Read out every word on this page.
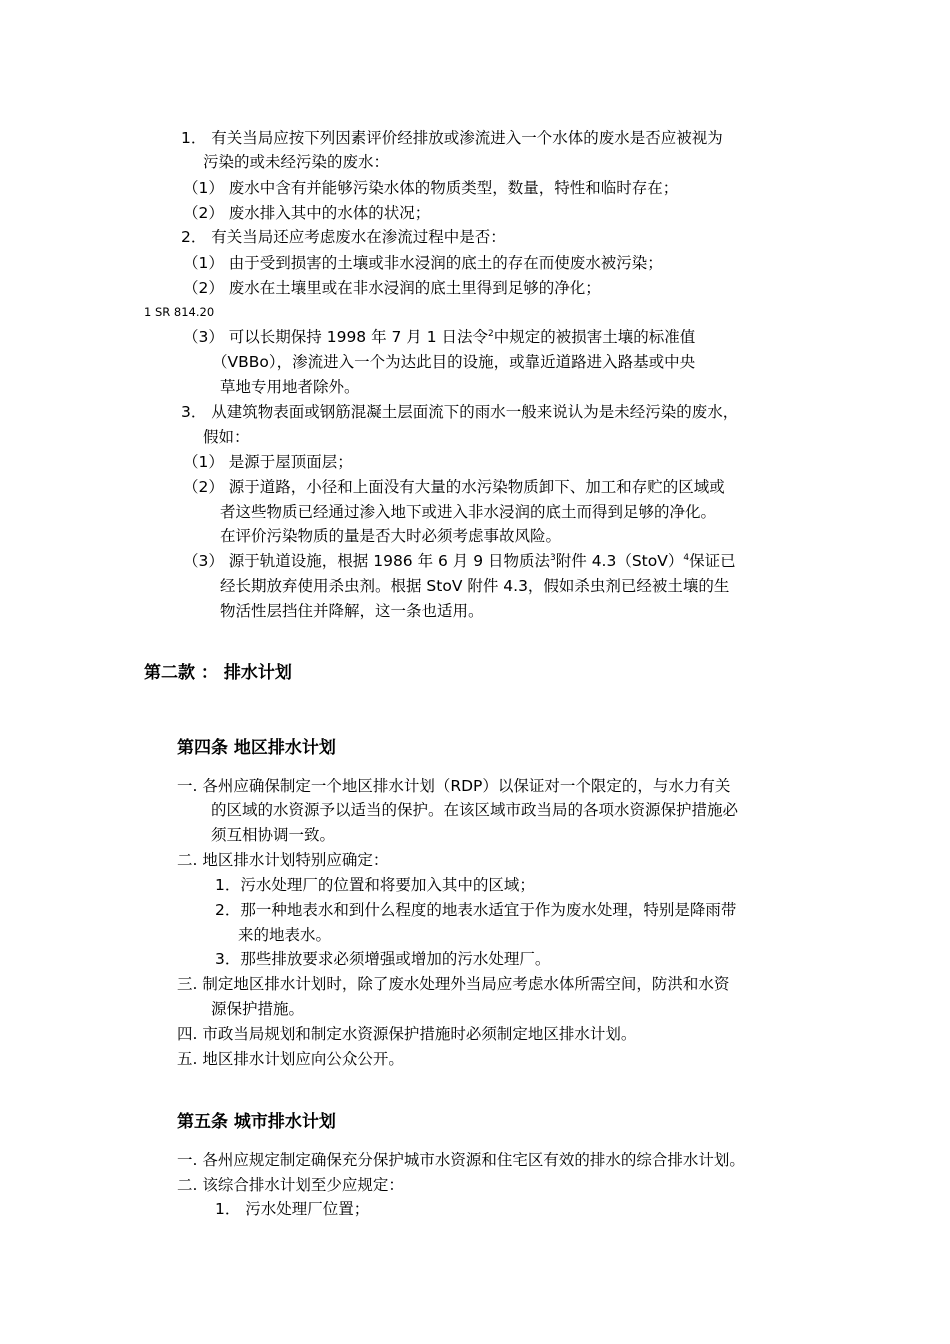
1． 有关当局应按下列因素评价经排放或渗流进入一个水体的废水是否应被视为
污染的或未经污染的废水：
（1） 废水中含有并能够污染水体的物质类型，数量，特性和临时存在；
（2） 废水排入其中的水体的状况；
2． 有关当局还应考虑废水在渗流过程中是否：
（1） 由于受到损害的土壤或非水浸润的底土的存在而使废水被污染；
（2） 废水在土壤里或在非水浸润的底土里得到足够的净化；
1 SR 814.20
（3） 可以长期保持 1998 年 7 月 1 日法令$^2$中规定的被损害土壤的标准值
（VBBo），渗流进入一个为达此目的设施，或靠近道路进入路基或中央
草地专用地者除外。
3． 从建筑物表面或钢筋混凝土层面流下的雨水一般来说认为是未经污染的废水，
假如：
（1） 是源于屋顶面层；
（2） 源于道路，小径和上面没有大量的水污染物质卸下、加工和存贮的区域或
者这些物质已经通过渗入地下或进入非水浸润的底土而得到足够的净化。
在评价污染物质的量是否大时必须考虑事故风险。
（3） 源于轨道设施，根据 1986 年 6 月 9 日物质法$^3$附件 4.3（StoV）$^4$保证已
经长期放弃使用杀虫剂。根据 StoV 附件 4.3，假如杀虫剂已经被土壤的生
物活性层挡住并降解，这一条也适用。
第二款 ： 排水计划
第四条 地区排水计划
一. 各州应确保制定一个地区排水计划（RDP）以保证对一个限定的，与水力有关
的区域的水资源予以适当的保护。在该区域市政当局的各项水资源保护措施必
须互相协调一致。
二. 地区排水计划特别应确定：
1．污水处理厂的位置和将要加入其中的区域；
2．那一种地表水和到什么程度的地表水适宜于作为废水处理，特别是降雨带
来的地表水。
3．那些排放要求必须增强或增加的污水处理厂。
三. 制定地区排水计划时，除了废水处理外当局应考虑水体所需空间，防洪和水资
源保护措施。
四. 市政当局规划和制定水资源保护措施时必须制定地区排水计划。
五. 地区排水计划应向公众公开。
第五条 城市排水计划
一. 各州应规定制定确保充分保护城市水资源和住宅区有效的排水的综合排水计划。
二. 该综合排水计划至少应规定：
1． 污水处理厂位置；
